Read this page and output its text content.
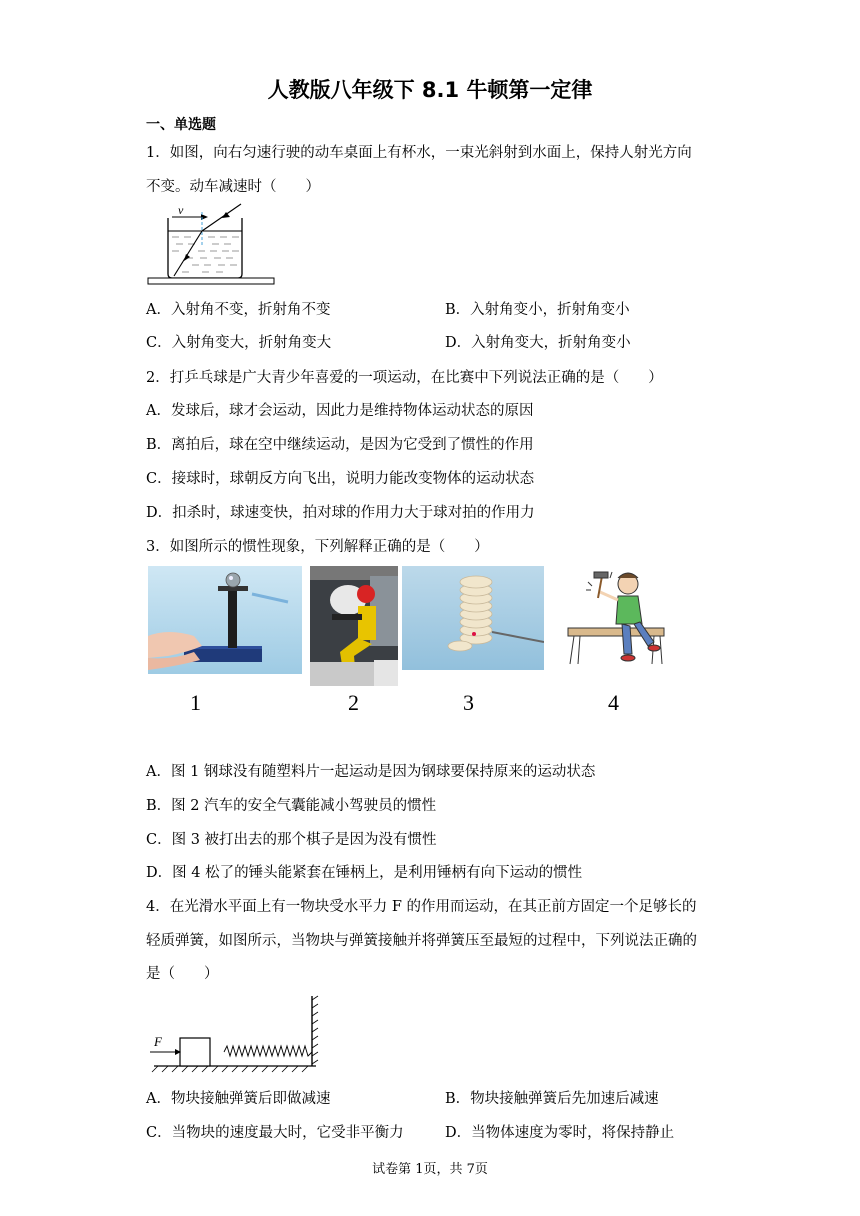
人教版八年级下 8.1 牛顿第一定律
一、单选题
1．如图，向右匀速行驶的动车桌面上有杯水，一束光斜射到水面上，保持人射光方向
不变。动车减速时（　　）
v
A．入射角不变，折射角不变	B．入射角变小，折射角变小
C．入射角变大，折射角变大	D．入射角变大，折射角变小
2．打乒乓球是广大青少年喜爱的一项运动，在比赛中下列说法正确的是（　　）
A．发球后，球才会运动，因此力是维持物体运动状态的原因
B．离拍后，球在空中继续运动，是因为它受到了惯性的作用
C．接球时，球朝反方向飞出，说明力能改变物体的运动状态
D．扣杀时，球速变快，拍对球的作用力大于球对拍的作用力
3．如图所示的惯性现象，下列解释正确的是（　　）
1	2	3	4
A．图 1 钢球没有随塑料片一起运动是因为钢球要保持原来的运动状态
B．图 2 汽车的安全气囊能减小驾驶员的惯性
C．图 3 被打出去的那个棋子是因为没有惯性
D．图 4 松了的锤头能紧套在锤柄上，是利用锤柄有向下运动的惯性
4．在光滑水平面上有一物块受水平力 F 的作用而运动，在其正前方固定一个足够长的
轻质弹簧，如图所示，当物块与弹簧接触并将弹簧压至最短的过程中，下列说法正确的
是（　　）
F
A．物块接触弹簧后即做减速	B．物块接触弹簧后先加速后减速
C．当物块的速度最大时，它受非平衡力	D．当物体速度为零时，将保持静止
试卷第 1页，共 7页
